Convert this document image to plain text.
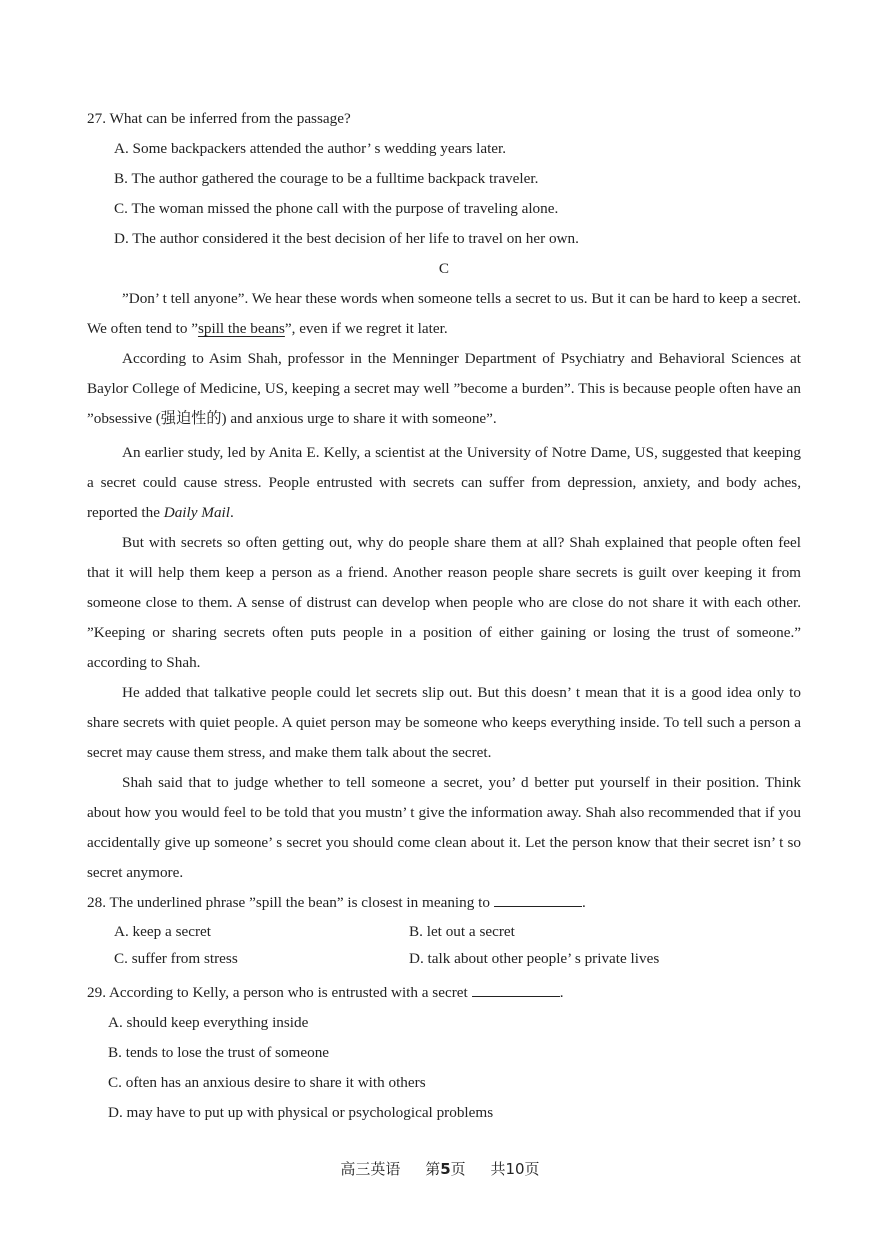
27. What can be inferred from the passage?
A. Some backpackers attended the author’ s wedding years later.
B. The author gathered the courage to be a fulltime backpack traveler.
C. The woman missed the phone call with the purpose of traveling alone.
D. The author considered it the best decision of her life to travel on her own.
C

”Don’ t tell anyone”. We hear these words when someone tells a secret to us. But it can be hard to keep a secret. We often tend to ”spill the beans”, even if we regret it later.

According to Asim Shah, professor in the Menninger Department of Psychiatry and Behavioral Sciences at Baylor College of Medicine, US, keeping a secret may well ”become a burden”. This is because people often have an ”obsessive (强迫性的) and anxious urge to share it with someone”.

An earlier study, led by Anita E. Kelly, a scientist at the University of Notre Dame, US, suggested that keeping a secret could cause stress. People entrusted with secrets can suffer from depression, anxiety, and body aches, reported the Daily Mail.

But with secrets so often getting out, why do people share them at all? Shah explained that people often feel that it will help them keep a person as a friend. Another reason people share secrets is guilt over keeping it from someone close to them. A sense of distrust can develop when people who are close do not share it with each other. ”Keeping or sharing secrets often puts people in a position of either gaining or losing the trust of someone.” according to Shah.

He added that talkative people could let secrets slip out. But this doesn’ t mean that it is a good idea only to share secrets with quiet people. A quiet person may be someone who keeps everything inside. To tell such a person a secret may cause them stress, and make them talk about the secret.

Shah said that to judge whether to tell someone a secret, you’ d better put yourself in their position. Think about how you would feel to be told that you mustn’ t give the information away. Shah also recommended that if you accidentally give up someone’ s secret you should come clean about it. Let the person know that their secret isn’ t so secret anymore.

28. The underlined phrase ”spill the bean” is closest in meaning to	.
A. keep a secret	B. let out a secret
C. suffer from stress	D. talk about other people’ s private lives
29. According to Kelly, a person who is entrusted with a secret	.
A. should keep everything inside
B. tends to lose the trust of someone
C. often has an anxious desire to share it with others
D. may have to put up with physical or psychological problems
高三英语 第5页 共10页
